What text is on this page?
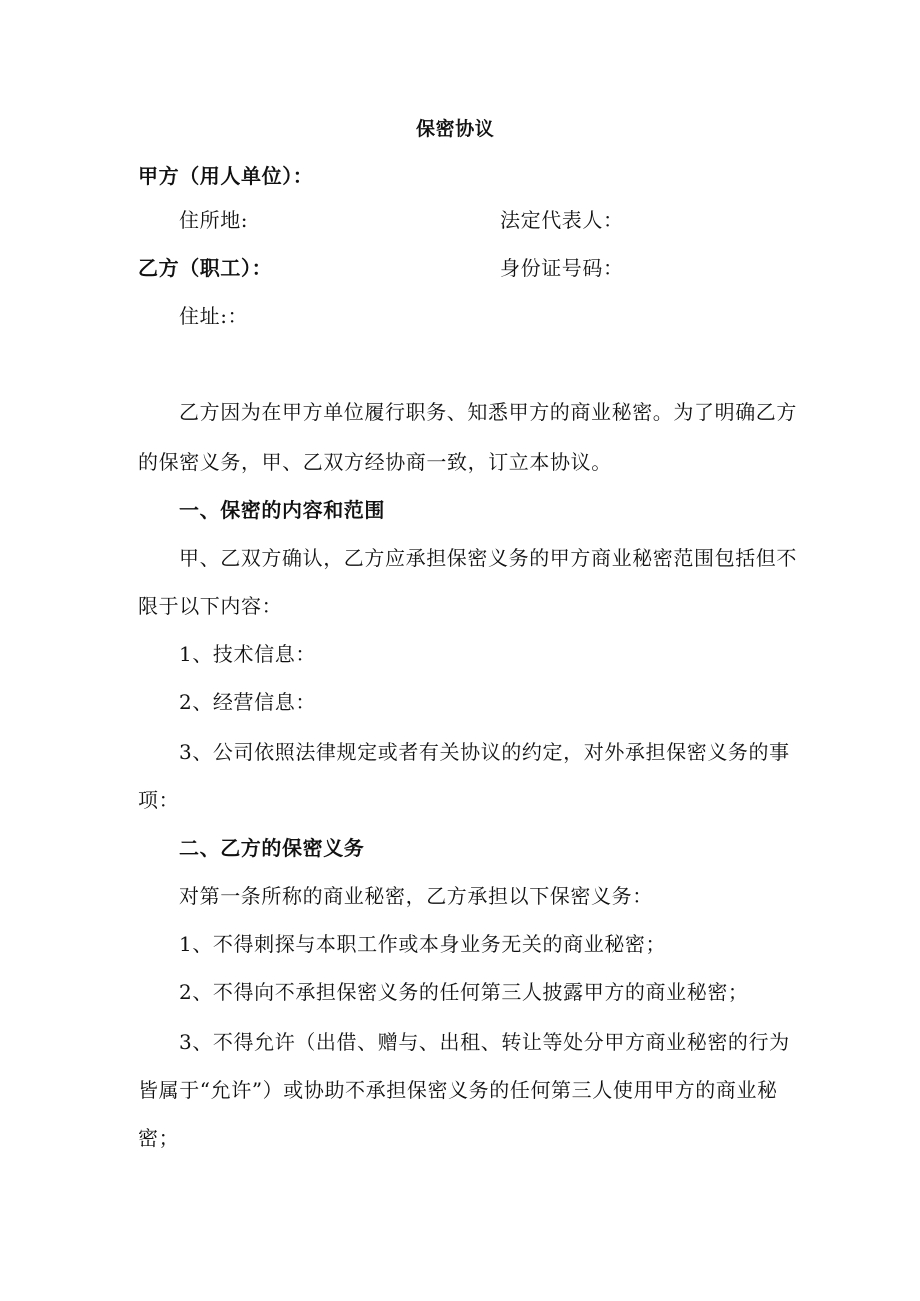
保密协议
甲方（用人单位）：
住所地:	法定代表人：
乙方（职工）：	身份证号码：
住址:：
乙方因为在甲方单位履行职务、知悉甲方的商业秘密。为了明确乙方
的保密义务，甲、乙双方经协商一致，订立本协议。
一、保密的内容和范围
甲、乙双方确认，乙方应承担保密义务的甲方商业秘密范围包括但不
限于以下内容：
1、技术信息：
2、经营信息：
3、公司依照法律规定或者有关协议的约定，对外承担保密义务的事
项：
二、乙方的保密义务
对第一条所称的商业秘密，乙方承担以下保密义务：
1、不得刺探与本职工作或本身业务无关的商业秘密；
2、不得向不承担保密义务的任何第三人披露甲方的商业秘密；
3、不得允许（出借、赠与、出租、转让等处分甲方商业秘密的行为
皆属于“允许”）或协助不承担保密义务的任何第三人使用甲方的商业秘
密；
